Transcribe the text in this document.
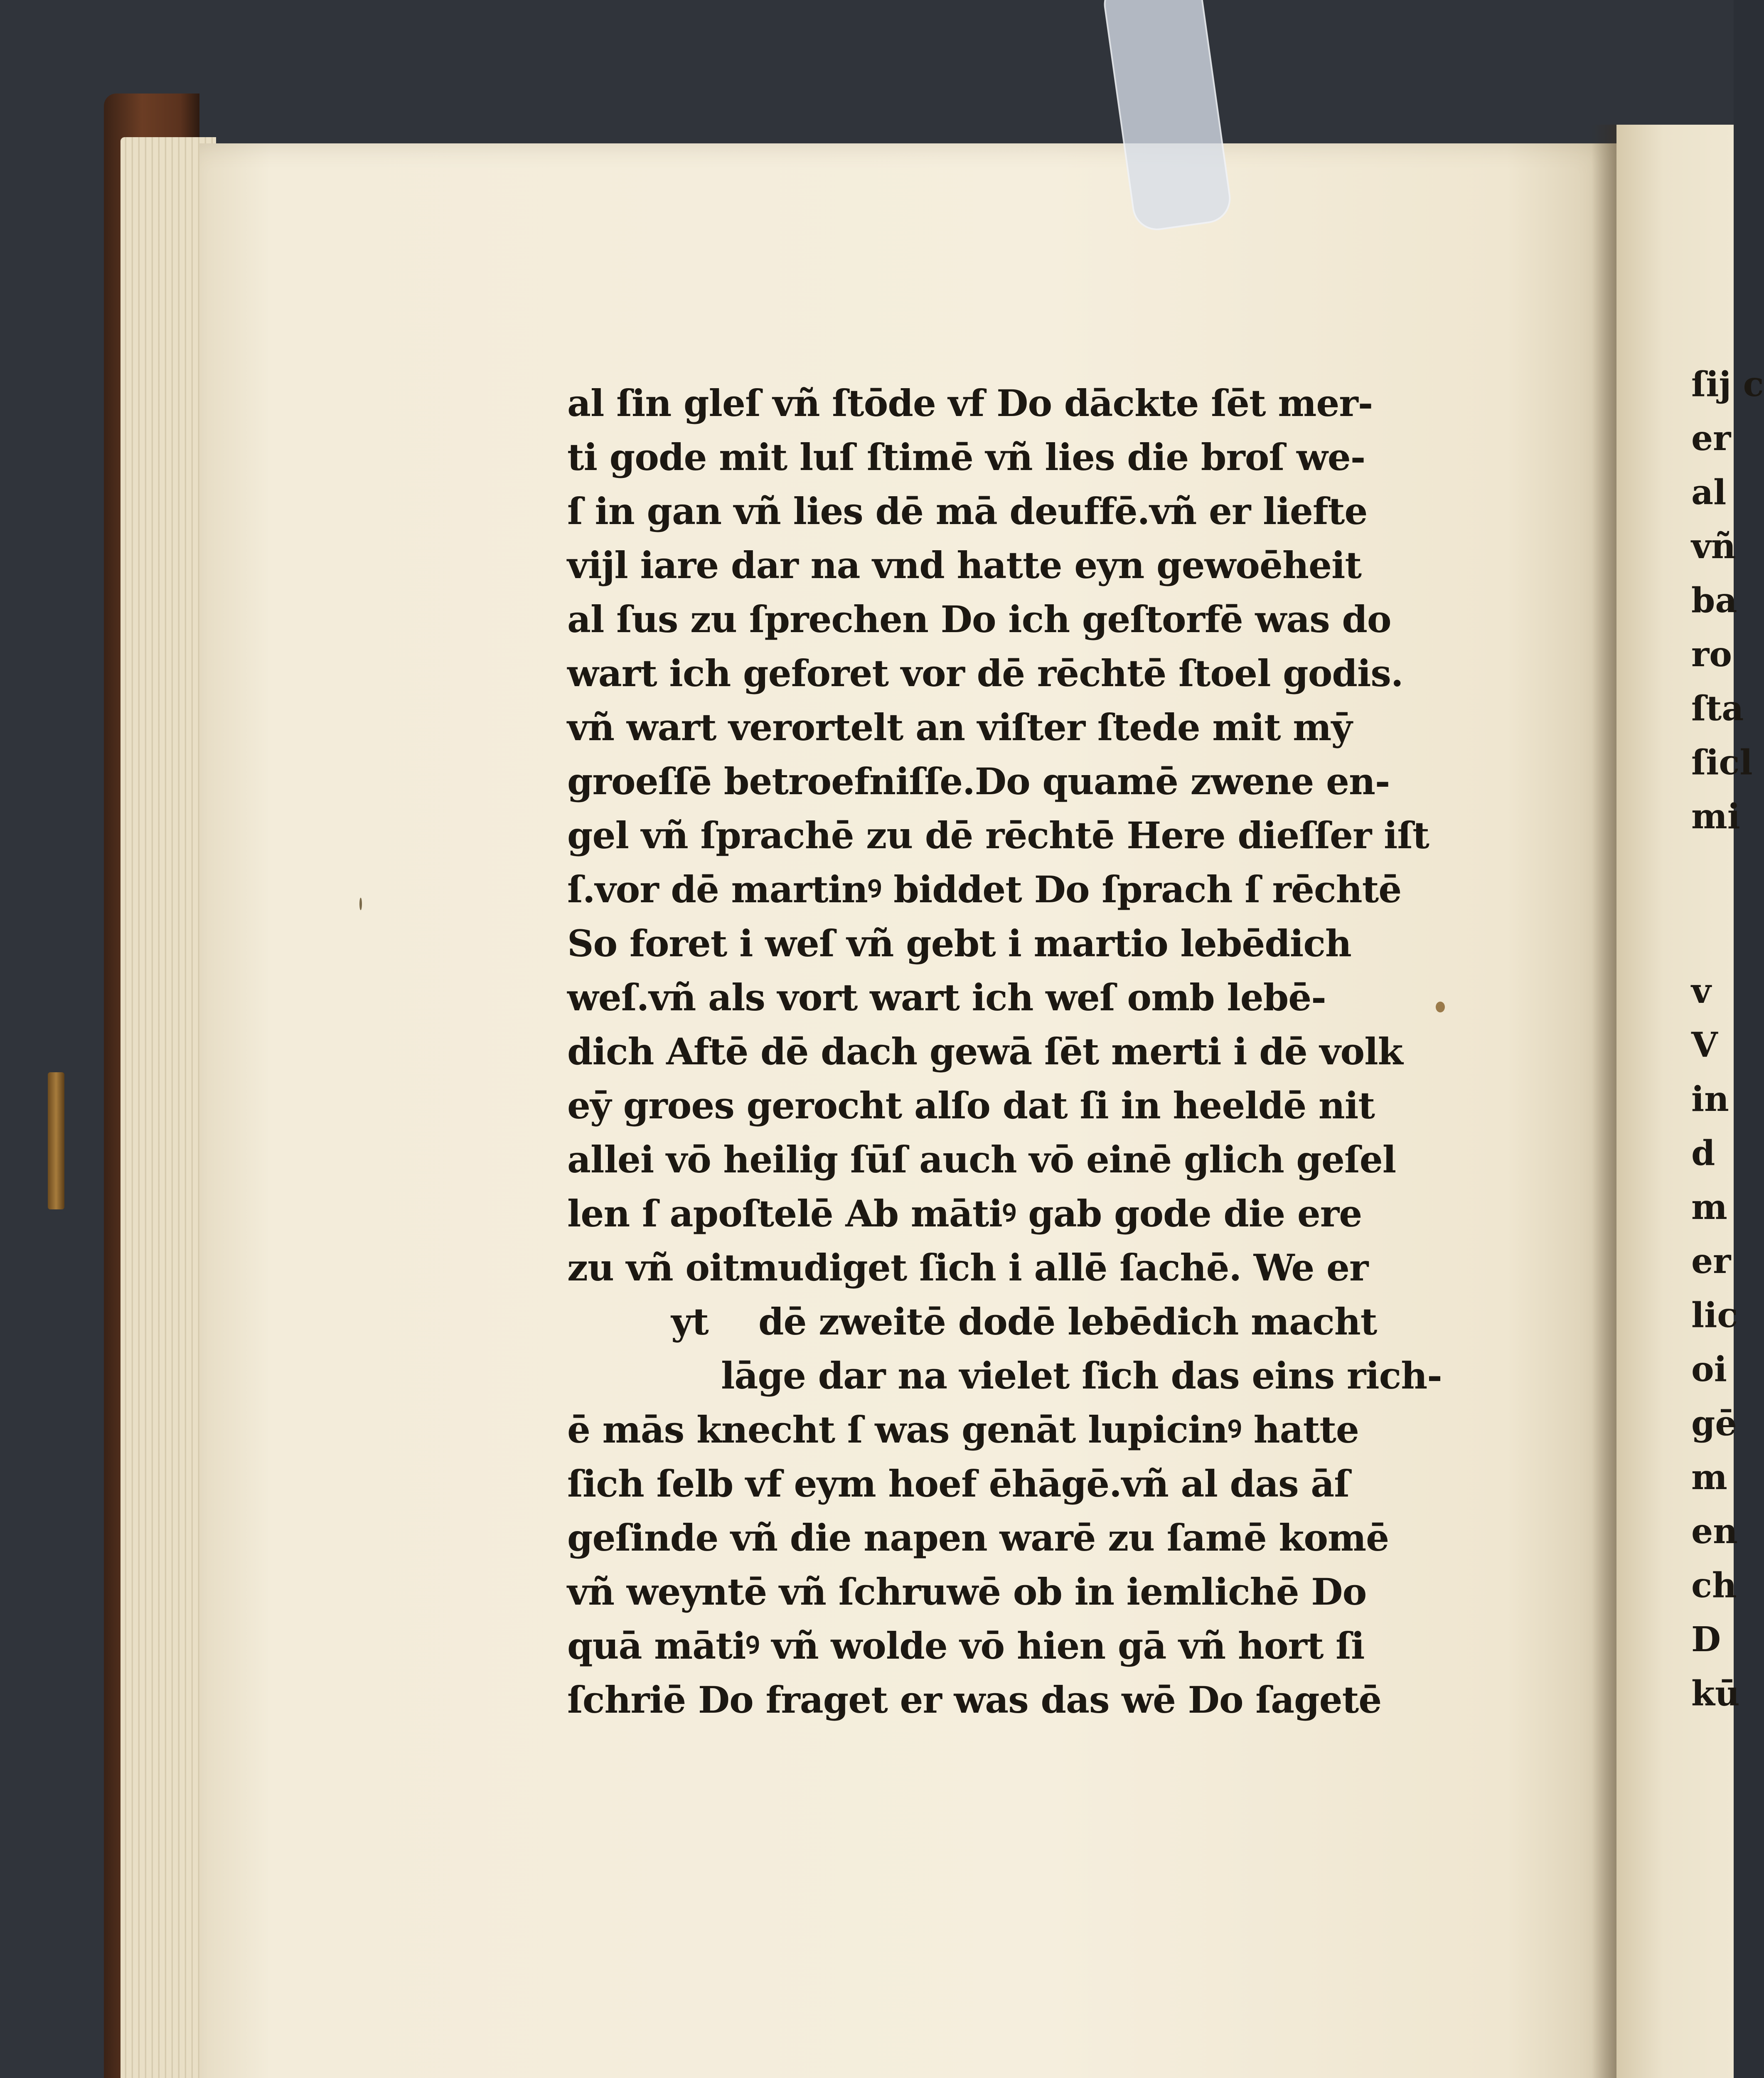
al ſin gleſ vñ ſtōde vf Do dāckte ſēt mer-
ti gode mit luſ ſtimē vñ lies die broſ we-
ſ in gan vñ lies dē mā deuffē.vñ er liefte
vijl iare dar na vnd hatte eyn gewoēheit
al ſus zu ſprechen Do ich geſtorfē was do
wart ich geforet vor dē rēchtē ſtoel godis.
vñ wart verortelt an viſter ſtede mit mȳ
groeſſē betroefniſſe.Do quamē zwene en-
gel vñ ſprachē zu dē rēchtē Here dieſſer iſt
ſ.vor dē martinꝰ biddet Do ſprach ſ rēchtē
So foret i weſ vñ gebt i martio lebēdich
weſ.vñ als vort wart ich weſ omb lebē-
dich Aftē dē dach gewā ſēt merti i dē volk
eȳ groes gerocht alſo dat ſi in heeldē nit
allei vō heilig ſūſ auch vō einē glich geſel
len ſ apoſtelē Ab mātiꝰ gab gode die ere
zu vñ oitmudiget ſich i allē ſachē. We er
yt dē zweitē dodē lebēdich macht
lāge dar na vielet ſich das eins rich-
ē mās knecht ſ was genāt lupicinꝰ hatte
ſich ſelb vf eym hoef ēhāgē.vñ al das āſ
geſinde vñ die napen warē zu ſamē komē
vñ weyntē vñ ſchruwē ob in iemlichē Do
quā mātiꝰ vñ wolde vō hien gā vñ hort ſi
ſchriē Do fraget er was das wē Do ſagetē
ſij c
er
al
vñ
ba
ro
ſta
ſicl
mi
v
V
in
d
m
er
lic
oi
gē
m
en
ch
D
kū
